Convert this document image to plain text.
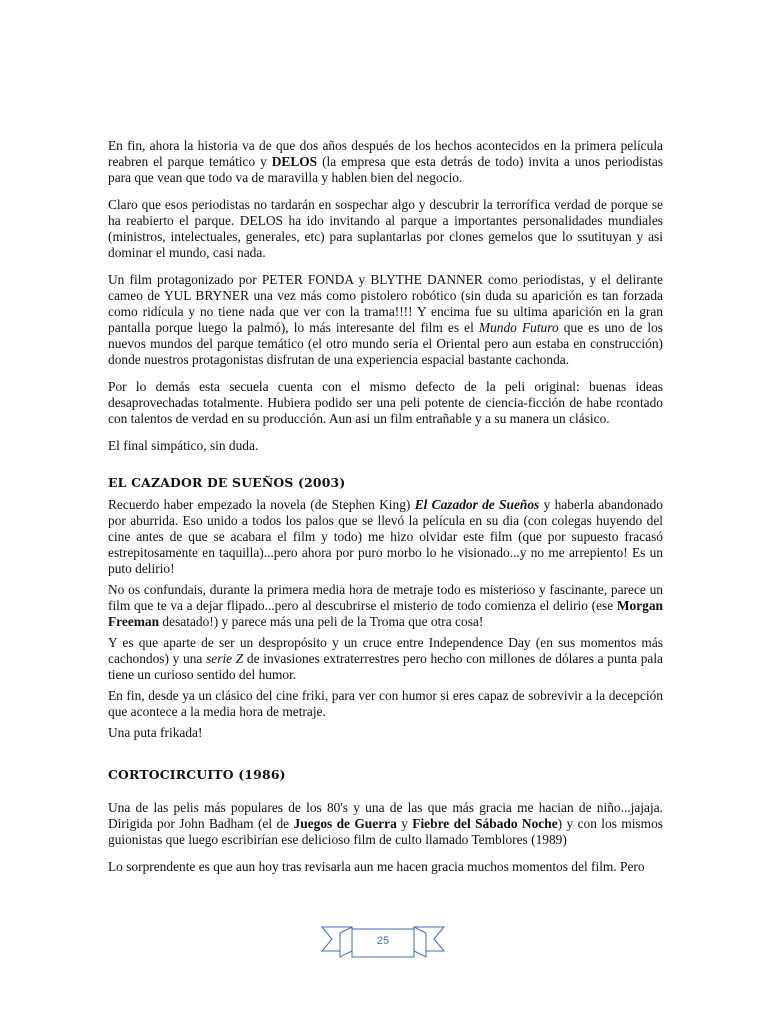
En fin, ahora la historia va de que dos años después de los hechos acontecidos en la primera película reabren el parque temático y DELOS (la empresa que esta detrás de todo) invita a unos periodistas para que vean que todo va de maravilla y hablen bien del negocio.

Claro que esos periodistas no tardarán en sospechar algo y descubrir la terrorífica verdad de porque se ha reabierto el parque. DELOS ha ido invitando al parque a importantes personalidades mundiales (ministros, intelectuales, generales, etc) para suplantarlas por clones gemelos que lo ssutituyan y asi dominar el mundo, casi nada.

Un film protagonizado por PETER FONDA y BLYTHE DANNER como periodistas, y el delirante cameo de YUL BRYNER una vez más como pistolero robótico (sin duda su aparición es tan forzada como ridícula y no tiene nada que ver con la trama!!!! Y encima fue su ultima aparición en la gran pantalla porque luego la palmó), lo más interesante del film es el Mundo Futuro que es uno de los nuevos mundos del parque temático (el otro mundo seria el Oriental pero aun estaba en construcción) donde nuestros protagonistas disfrutan de una experiencia espacial bastante cachonda.

Por lo demás esta secuela cuenta con el mismo defecto de la peli original: buenas ideas desaprovechadas totalmente. Hubiera podido ser una peli potente de ciencia-ficción de habe rcontado con talentos de verdad en su producción. Aun asi un film entrañable y a su manera un clásico.

El final simpático, sin duda.

EL CAZADOR DE SUEÑOS (2003)

Recuerdo haber empezado la novela (de Stephen King) El Cazador de Sueños y haberla abandonado por aburrida. Eso unido a todos los palos que se llevó la película en su dia (con colegas huyendo del cine antes de que se acabara el film y todo) me hizo olvidar este film (que por supuesto fracasó estrepitosamente en taquilla)...pero ahora por puro morbo lo he visionado...y no me arrepiento! Es un puto delirio!

No os confundais, durante la primera media hora de metraje todo es misterioso y fascinante, parece un film que te va a dejar flipado...pero al descubrirse el misterio de todo comienza el delirio (ese Morgan Freeman desatado!) y parece más una peli de la Troma que otra cosa!

Y es que aparte de ser un despropósito y un cruce entre Independence Day (en sus momentos más cachondos) y una serie Z de invasiones extraterrestres pero hecho con millones de dólares a punta pala tiene un curioso sentido del humor.

En fin, desde ya un clásico del cine friki, para ver con humor si eres capaz de sobrevivir a la decepción que acontece a la media hora de metraje.

Una puta frikada!

CORTOCIRCUITO (1986)

Una de las pelis más populares de los 80's y una de las que más gracia me hacian de niño...jajaja. Dirigida por John Badham (el de Juegos de Guerra y Fiebre del Sábado Noche) y con los mismos guionistas que luego escribirían ese delicioso film de culto llamado Temblores (1989)

Lo sorprendente es que aun hoy tras revisarla aun me hacen gracia muchos momentos del film. Pero

25
